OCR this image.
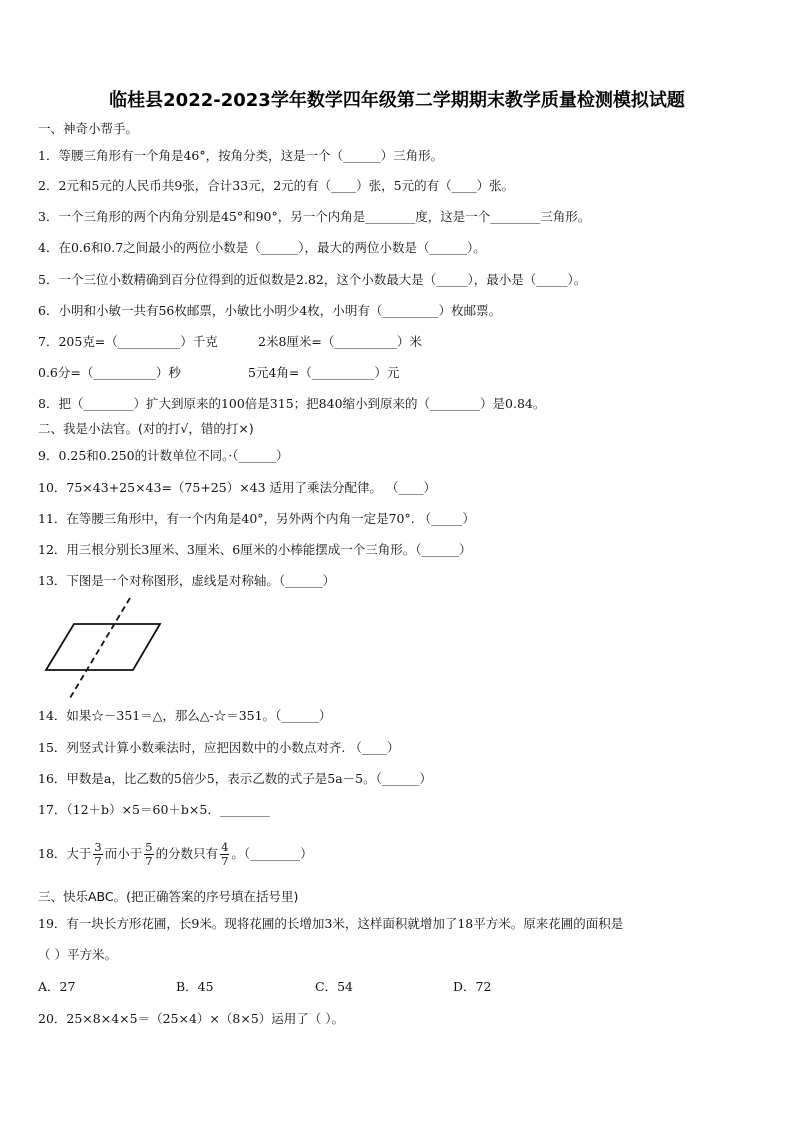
临桂县2022-2023学年数学四年级第二学期期末教学质量检测模拟试题
一、神奇小帮手。
1．等腰三角形有一个角是46°，按角分类，这是一个（______）三角形。
2．2元和5元的人民币共9张，合计33元，2元的有（____）张，5元的有（____）张。
3．一个三角形的两个内角分别是45°和90°，另一个内角是________度，这是一个________三角形。
4．在0.6和0.7之间最小的两位小数是（______），最大的两位小数是（______）。
5．一个三位小数精确到百分位得到的近似数是2.82，这个小数最大是（_____），最小是（_____）。
6．小明和小敏一共有56枚邮票，小敏比小明少4枚，小明有（_________）枚邮票。
7．205克=（__________）千克	2米8厘米=（__________）米
0.6分=（__________）秒	5元4角=（__________）元
8．把（________）扩大到原来的100倍是315；把840缩小到原来的（________）是0.84。
二、我是小法官。(对的打√，错的打×)
9．0.25和0.250的计数单位不同。·（______）
10．75×43+25×43=（75+25）×43 适用了乘法分配律。 （____）
11．在等腰三角形中，有一个内角是40°，另外两个内角一定是70°. （_____）
12．用三根分别长3厘米、3厘米、6厘米的小棒能摆成一个三角形。（______）
13．下图是一个对称图形，虚线是对称轴。（______）
14．如果☆－351＝△，那么△-☆＝351。（______）
15．列竖式计算小数乘法时，应把因数中的小数点对齐. （____）
16．甲数是a，比乙数的5倍少5，表示乙数的式子是5a－5。（______）
17．（12＋b）×5＝60＋b×5．________
18．大于 $\frac{3}{7}$ 而小于 $\frac{5}{7}$ 的分数只有 $\frac{4}{7}$ 。（________）
三、快乐ABC。(把正确答案的序号填在括号里)
19．有一块长方形花圃，长9米。现将花圃的长增加3米，这样面积就增加了18平方米。原来花圃的面积是
（ ）平方米。
A．27	B．45	C．54	D．72
20．25×8×4×5＝（25×4）×（8×5）运用了（ ）。
